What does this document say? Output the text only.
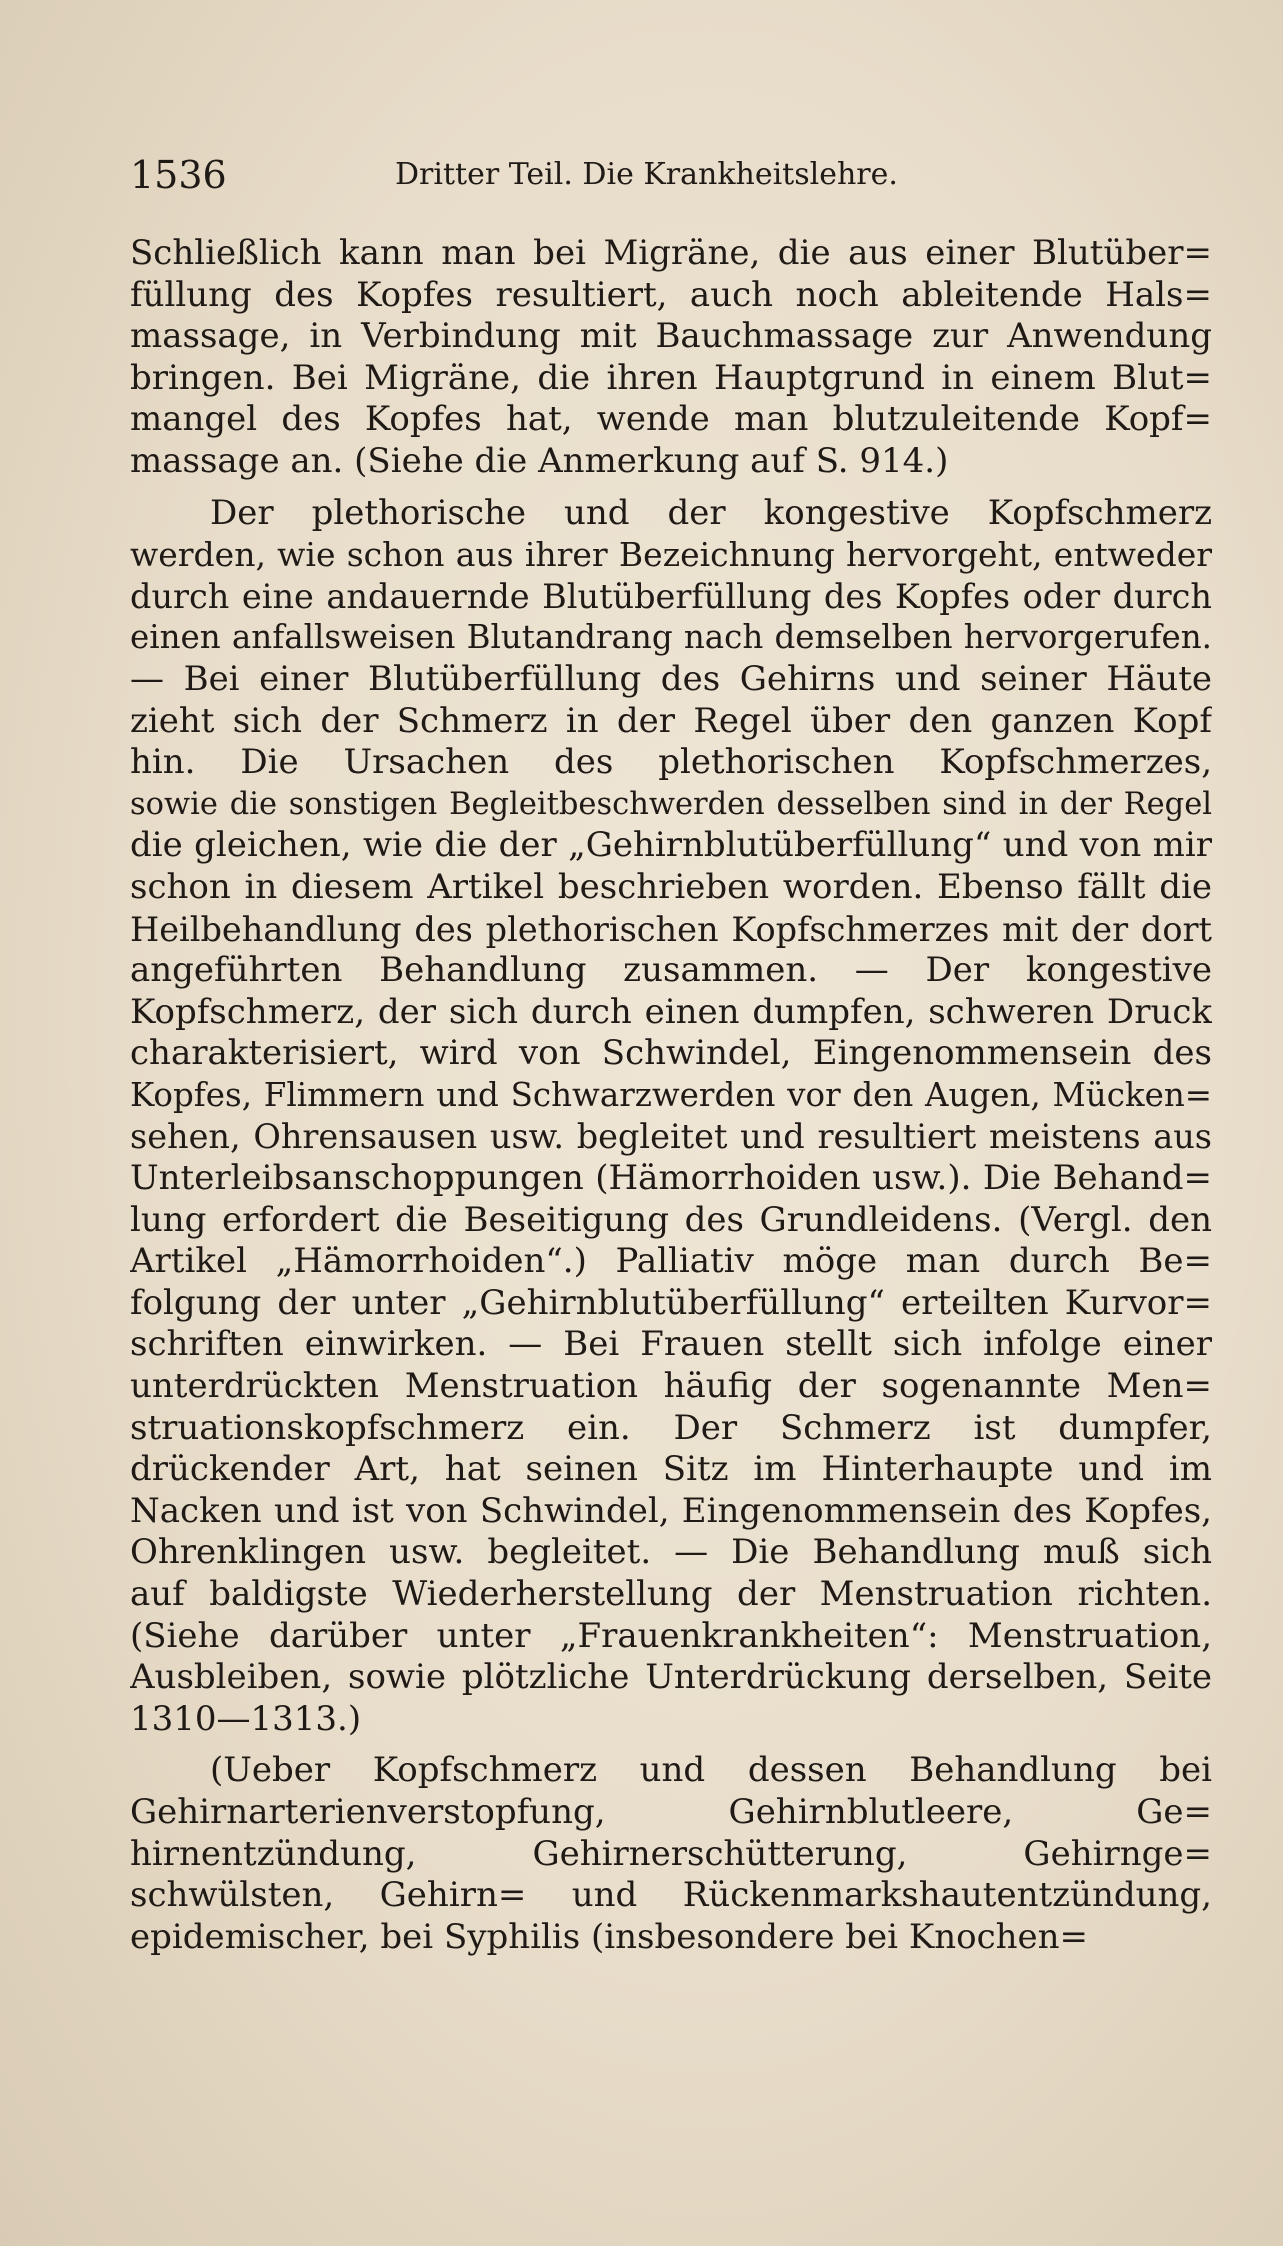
1536	Dritter Teil. Die Krankheitslehre.
Schließlich kann man bei Migräne, die aus einer Blutüber=
füllung des Kopfes resultiert, auch noch ableitende Hals=
massage, in Verbindung mit Bauchmassage zur Anwendung
bringen. Bei Migräne, die ihren Hauptgrund in einem Blut=
mangel des Kopfes hat, wende man blutzuleitende Kopf=
massage an. (Siehe die Anmerkung auf S. 914.)
Der plethorische und der kongestive Kopfschmerz
werden, wie schon aus ihrer Bezeichnung hervorgeht, entweder
durch eine andauernde Blutüberfüllung des Kopfes oder durch
einen anfallsweisen Blutandrang nach demselben hervorgerufen.
— Bei einer Blutüberfüllung des Gehirns und seiner Häute
zieht sich der Schmerz in der Regel über den ganzen Kopf
hin. Die Ursachen des plethorischen Kopfschmerzes,
sowie die sonstigen Begleitbeschwerden desselben sind in der Regel
die gleichen, wie die der „Gehirnblutüberfüllung“ und von mir
schon in diesem Artikel beschrieben worden. Ebenso fällt die
Heilbehandlung des plethorischen Kopfschmerzes mit der dort
angeführten Behandlung zusammen. — Der kongestive
Kopfschmerz, der sich durch einen dumpfen, schweren Druck
charakterisiert, wird von Schwindel, Eingenommensein des
Kopfes, Flimmern und Schwarzwerden vor den Augen, Mücken=
sehen, Ohrensausen usw. begleitet und resultiert meistens aus
Unterleibsanschoppungen (Hämorrhoiden usw.). Die Behand=
lung erfordert die Beseitigung des Grundleidens. (Vergl. den
Artikel „Hämorrhoiden“.) Palliativ möge man durch Be=
folgung der unter „Gehirnblutüberfüllung“ erteilten Kurvor=
schriften einwirken. — Bei Frauen stellt sich infolge einer
unterdrückten Menstruation häufig der sogenannte Men=
struationskopfschmerz ein. Der Schmerz ist dumpfer,
drückender Art, hat seinen Sitz im Hinterhaupte und im
Nacken und ist von Schwindel, Eingenommensein des Kopfes,
Ohrenklingen usw. begleitet. — Die Behandlung muß sich
auf baldigste Wiederherstellung der Menstruation richten.
(Siehe darüber unter „Frauenkrankheiten“: Menstruation,
Ausbleiben, sowie plötzliche Unterdrückung derselben, Seite
1310—1313.)
(Ueber Kopfschmerz und dessen Behandlung bei
Gehirnarterienverstopfung, Gehirnblutleere, Ge=
hirnentzündung, Gehirnerschütterung, Gehirnge=
schwülsten, Gehirn= und Rückenmarkshautentzündung,
epidemischer, bei Syphilis (insbesondere bei Knochen=
